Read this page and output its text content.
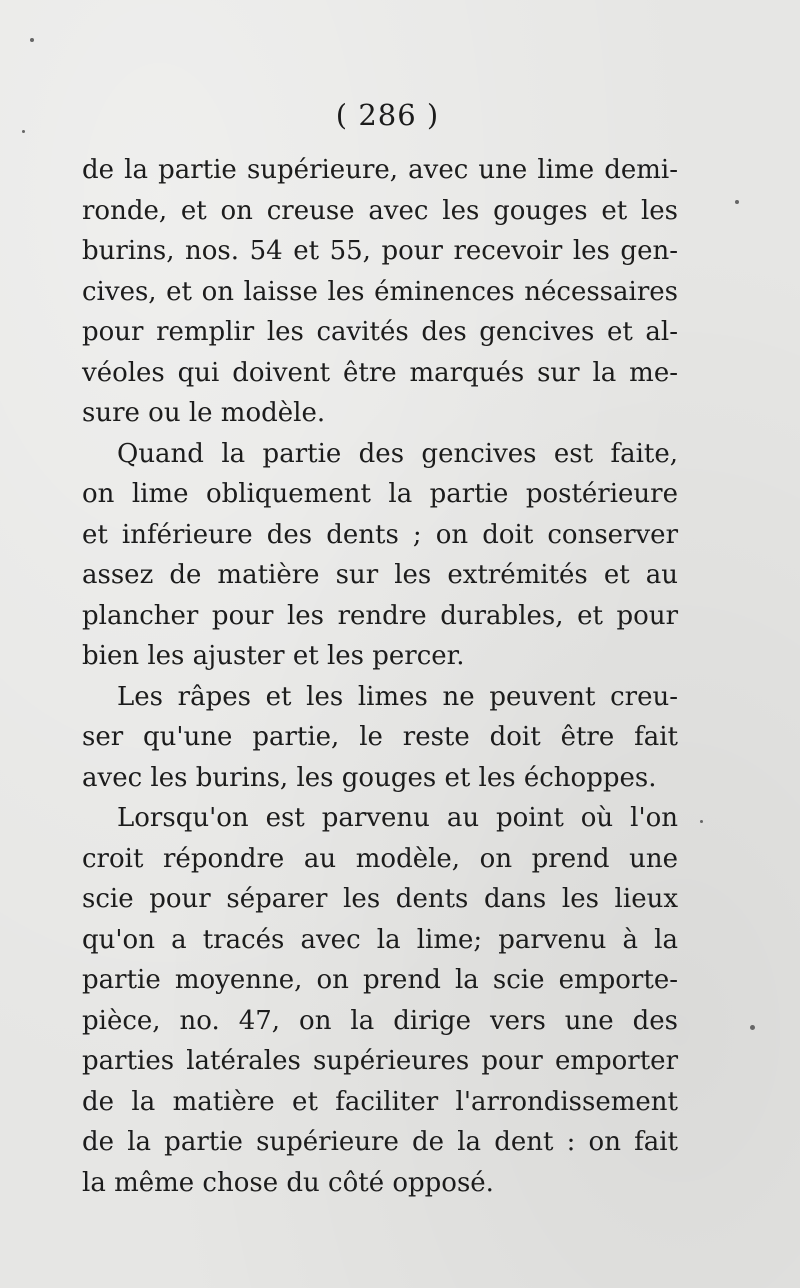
( 286 )
de la partie supérieure, avec une lime demi-
ronde, et on creuse avec les gouges et les
burins, nos. 54 et 55, pour recevoir les gen-
cives, et on laisse les éminences nécessaires
pour remplir les cavités des gencives et al-
véoles qui doivent être marqués sur la me-
sure ou le modèle.
Quand la partie des gencives est faite,
on lime obliquement la partie postérieure
et inférieure des dents ; on doit conserver
assez de matière sur les extrémités et au
plancher pour les rendre durables, et pour
bien les ajuster et les percer.
Les râpes et les limes ne peuvent creu-
ser qu'une partie, le reste doit être fait
avec les burins, les gouges et les échoppes.
Lorsqu'on est parvenu au point où l'on
croit répondre au modèle, on prend une
scie pour séparer les dents dans les lieux
qu'on a tracés avec la lime; parvenu à la
partie moyenne, on prend la scie emporte-
pièce, no. 47, on la dirige vers une des
parties latérales supérieures pour emporter
de la matière et faciliter l'arrondissement
de la partie supérieure de la dent : on fait
la même chose du côté opposé.
